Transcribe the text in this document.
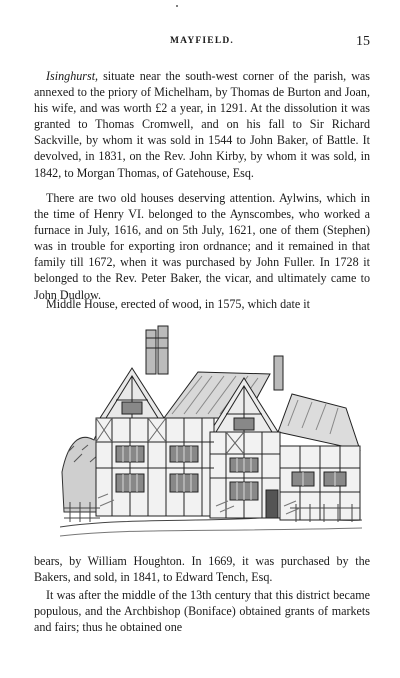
MAYFIELD.	15

Isinghurst, situate near the south-west corner of the parish, was annexed to the priory of Michelham, by Thomas de Burton and Joan, his wife, and was worth £2 a year, in 1291. At the dissolution it was granted to Thomas Cromwell, and on his fall to Sir Richard Sackville, by whom it was sold in 1544 to John Baker, of Battle. It devolved, in 1831, on the Rev. John Kirby, by whom it was sold, in 1842, to Morgan Thomas, of Gatehouse, Esq.

There are two old houses deserving attention. Aylwins, which in the time of Henry VI. belonged to the Aynscombes, who worked a furnace in July, 1616, and on 5th July, 1621, one of them (Stephen) was in trouble for exporting iron ordnance; and it remained in that family till 1672, when it was purchased by John Fuller. In 1728 it belonged to the Rev. Peter Baker, the vicar, and ultimately came to John Dudlow.

Middle House, erected of wood, in 1575, which date it

bears, by William Houghton. In 1669, it was purchased by the Bakers, and sold, in 1841, to Edward Tench, Esq.

It was after the middle of the 13th century that this district became populous, and the Archbishop (Boniface) obtained grants of markets and fairs; thus he obtained one
